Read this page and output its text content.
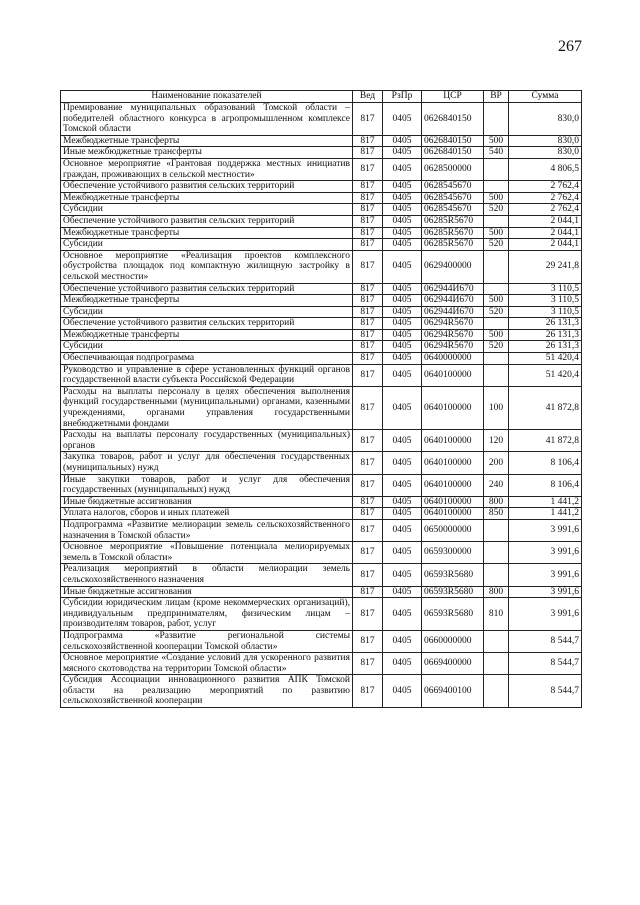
267
Наименование показателей	Вед	РзПр	ЦСР	ВР	Сумма
Премирование муниципальных образований Томской области – победителей областного конкурса в агропромышленном комплексе Томской области	817	0405	0626840150		830,0
Межбюджетные трансферты	817	0405	0626840150	500	830,0
Иные межбюджетные трансферты	817	0405	0626840150	540	830,0
Основное мероприятие «Грантовая поддержка местных инициатив граждан, проживающих в сельской местности»	817	0405	0628500000		4 806,5
Обеспечение устойчивого развития сельских территорий	817	0405	0628545670		2 762,4
Межбюджетные трансферты	817	0405	0628545670	500	2 762,4
Субсидии	817	0405	0628545670	520	2 762,4
Обеспечение устойчивого развития сельских территорий	817	0405	06285R5670		2 044,1
Межбюджетные трансферты	817	0405	06285R5670	500	2 044,1
Субсидии	817	0405	06285R5670	520	2 044,1
Основное мероприятие «Реализация проектов комплексного обустройства площадок под компактную жилищную застройку в сельской местности»	817	0405	0629400000		29 241,8
Обеспечение устойчивого развития сельских территорий	817	0405	062944И670		3 110,5
Межбюджетные трансферты	817	0405	062944И670	500	3 110,5
Субсидии	817	0405	062944И670	520	3 110,5
Обеспечение устойчивого развития сельских территорий	817	0405	06294R5670		26 131,3
Межбюджетные трансферты	817	0405	06294R5670	500	26 131,3
Субсидии	817	0405	06294R5670	520	26 131,3
Обеспечивающая подпрограмма	817	0405	0640000000		51 420,4
Руководство и управление в сфере установленных функций органов государственной власти субъекта Российской Федерации	817	0405	0640100000		51 420,4
Расходы на выплаты персоналу в целях обеспечения выполнения функций государственными (муниципальными) органами, казенными учреждениями, органами управления государственными внебюджетными фондами	817	0405	0640100000	100	41 872,8
Расходы на выплаты персоналу государственных (муниципальных) органов	817	0405	0640100000	120	41 872,8
Закупка товаров, работ и услуг для обеспечения государственных (муниципальных) нужд	817	0405	0640100000	200	8 106,4
Иные закупки товаров, работ и услуг для обеспечения государственных (муниципальных) нужд	817	0405	0640100000	240	8 106,4
Иные бюджетные ассигнования	817	0405	0640100000	800	1 441,2
Уплата налогов, сборов и иных платежей	817	0405	0640100000	850	1 441,2
Подпрограмма «Развитие мелиорации земель сельскохозяйственного назначения в Томской области»	817	0405	0650000000		3 991,6
Основное мероприятие «Повышение потенциала мелиорируемых земель в Томской области»	817	0405	0659300000		3 991,6
Реализация мероприятий в области мелиорации земель сельскохозяйственного назначения	817	0405	06593R5680		3 991,6
Иные бюджетные ассигнования	817	0405	06593R5680	800	3 991,6
Субсидии юридическим лицам (кроме некоммерческих организаций), индивидуальным предпринимателям, физическим лицам – производителям товаров, работ, услуг	817	0405	06593R5680	810	3 991,6
Подпрограмма «Развитие региональной системы сельскохозяйственной кооперации Томской области»	817	0405	0660000000		8 544,7
Основное мероприятие «Создание условий для ускоренного развития мясного скотоводства на территории Томской области»	817	0405	0669400000		8 544,7
Субсидия Ассоциации инновационного развития АПК Томской области на реализацию мероприятий по развитию сельскохозяйственной кооперации	817	0405	0669400100		8 544,7
